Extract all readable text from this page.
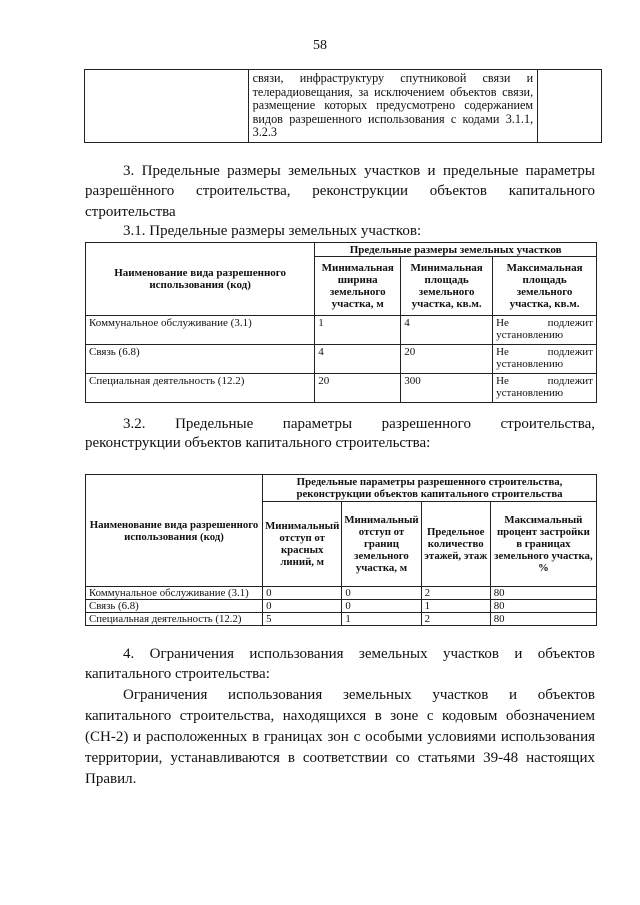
58
	связи, инфраструктуру спутниковой связи и телерадиовещания, за исключением объектов связи, размещение которых предусмотрено содержанием видов разрешенного использования с кодами 3.1.1, 3.2.3	
3. Предельные размеры земельных участков и предельные параметры
разрешённого строительства, реконструкции объектов капитального
строительства
3.1. Предельные размеры земельных участков:
Наименование вида разрешенного использования (код)	Предельные размеры земельных участков		
	Минимальная ширина земельного участка, м	Минимальная площадь земельного участка, кв.м.	Максимальная площадь земельного участка, кв.м.
Коммунальное обслуживание (3.1)	1	4	Не подлежит установлению
Связь (6.8)	4	20	Не подлежит установлению
Специальная деятельность (12.2)	20	300	Не подлежит установлению
3.2. Предельные параметры разрешенного строительства,
реконструкции объектов капитального строительства:
Наименование вида разрешенного использования (код)	Предельные параметры разрешенного строительства, реконструкции объектов капитального строительства			
	Минимальный отступ от красных линий, м	Минимальный отступ от границ земельного участка, м	Предельное количество этажей, этаж	Максимальный процент застройки в границах земельного участка, %
Коммунальное обслуживание (3.1)	0	0	2	80
Связь (6.8)	0	0	1	80
Специальная деятельность (12.2)	5	1	2	80
4. Ограничения использования земельных участков и объектов
капитального строительства:
Ограничения использования земельных участков и объектов капитального строительства, находящихся в зоне с кодовым обозначением (СН-2) и расположенных в границах зон с особыми условиями использования территории, устанавливаются в соответствии со статьями 39-48 настоящих Правил.
